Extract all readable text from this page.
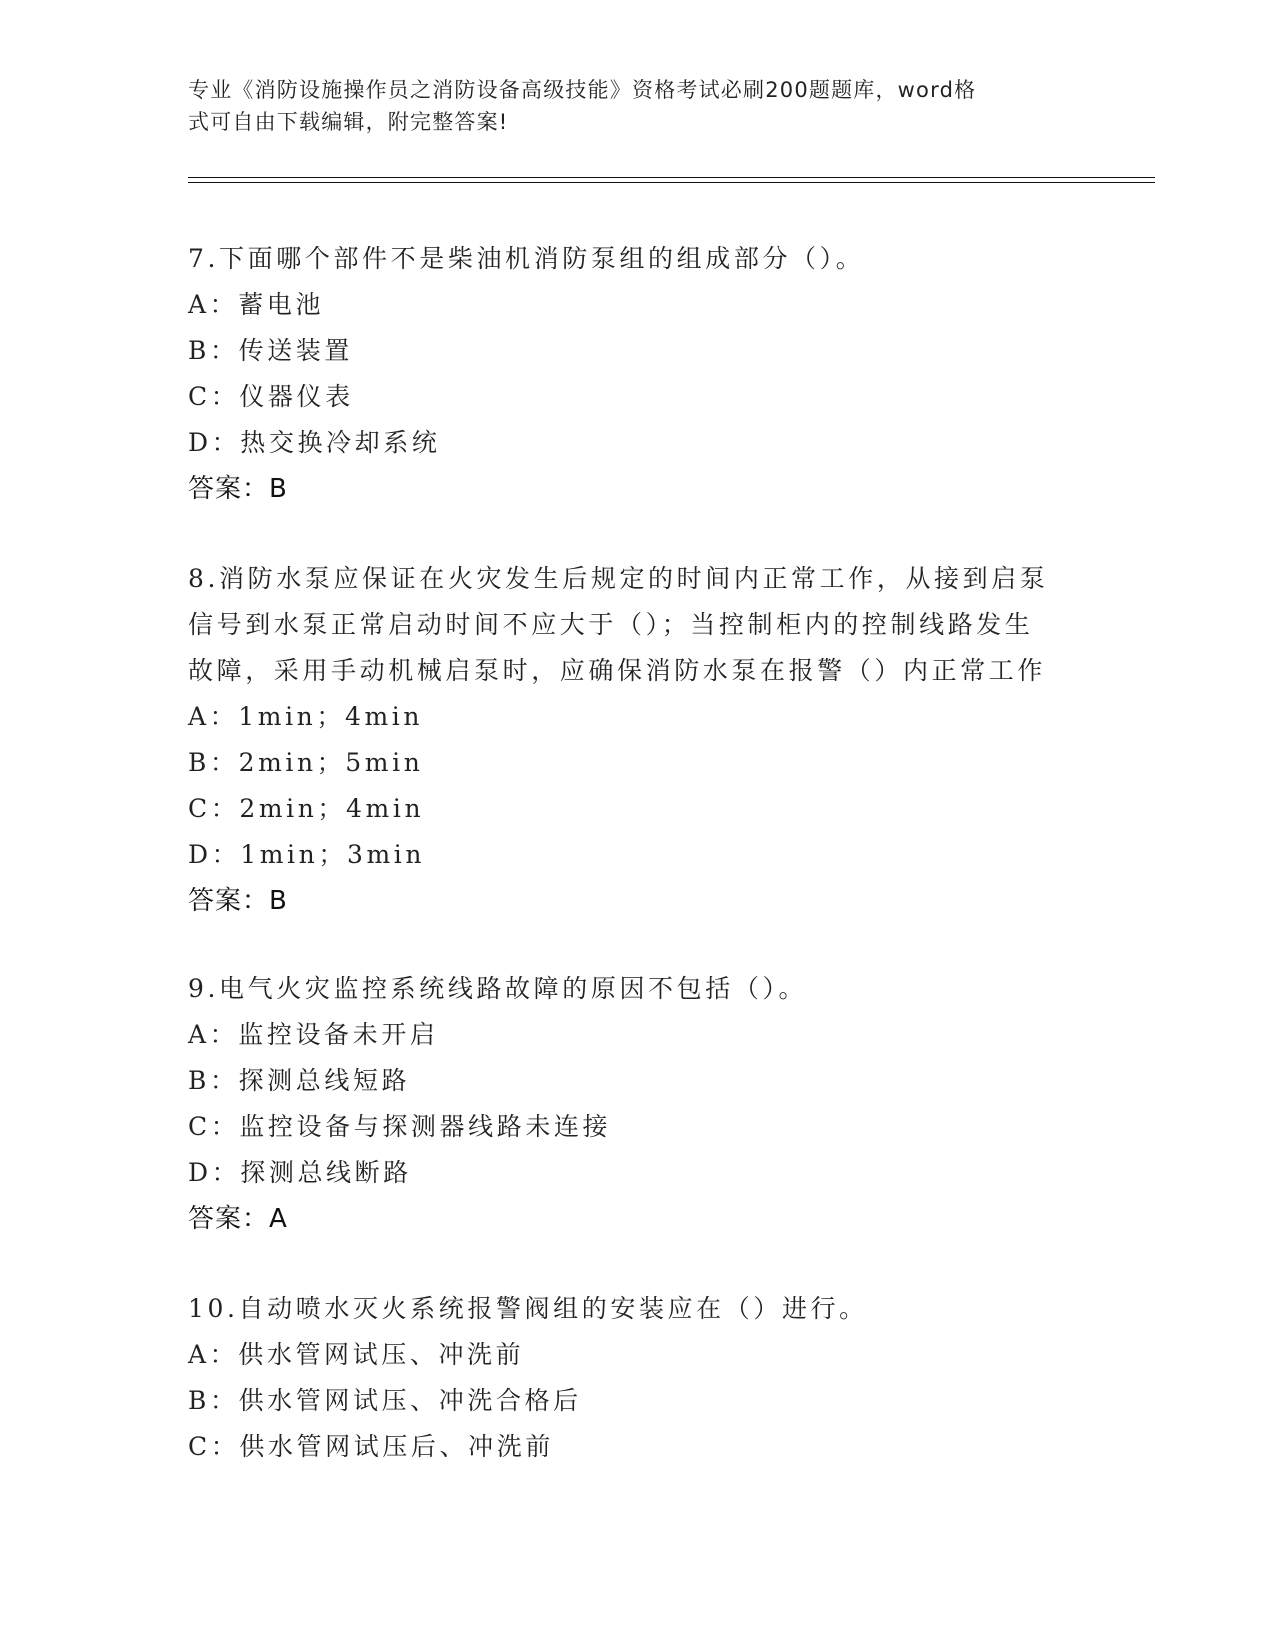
专业《消防设施操作员之消防设备高级技能》资格考试必刷200题题库，word格
式可自由下载编辑，附完整答案!
7.下面哪个部件不是柴油机消防泵组的组成部分（）。
A：蓄电池
B：传送装置
C：仪器仪表
D：热交换冷却系统
答案：B
8.消防水泵应保证在火灾发生后规定的时间内正常工作，从接到启泵
信号到水泵正常启动时间不应大于（）；当控制柜内的控制线路发生
故障，采用手动机械启泵时，应确保消防水泵在报警（）内正常工作
A：1min；4min
B：2min；5min
C：2min；4min
D：1min；3min
答案：B
9.电气火灾监控系统线路故障的原因不包括（）。
A：监控设备未开启
B：探测总线短路
C：监控设备与探测器线路未连接
D：探测总线断路
答案：A
10.自动喷水灭火系统报警阀组的安装应在（）进行。
A：供水管网试压、冲洗前
B：供水管网试压、冲洗合格后
C：供水管网试压后、冲洗前
